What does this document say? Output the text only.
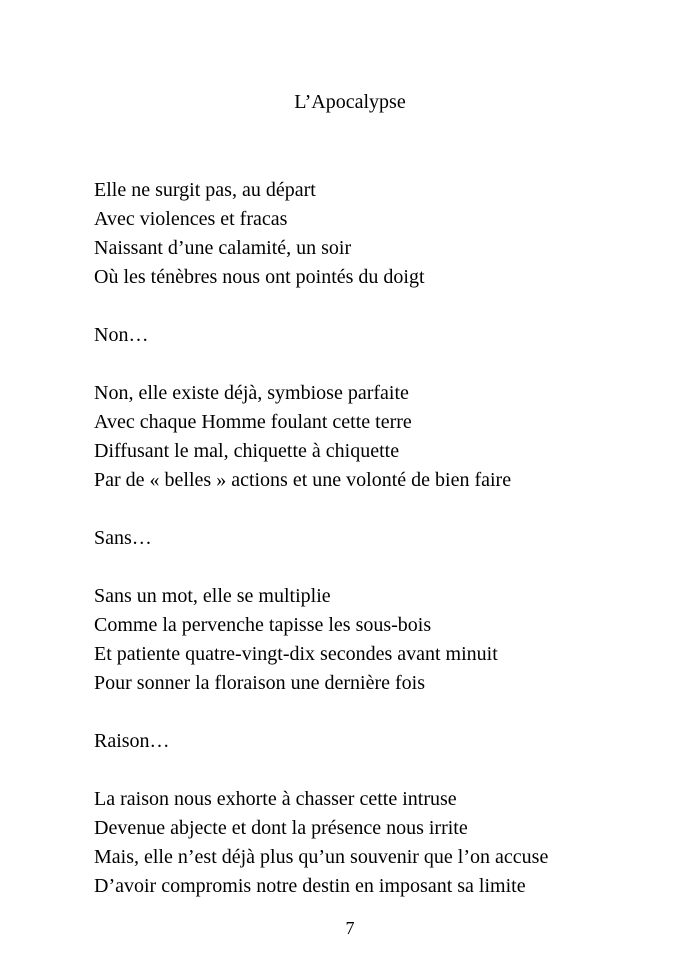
L’Apocalypse
Elle ne surgit pas, au départ
Avec violences et fracas
Naissant d’une calamité, un soir
Où les ténèbres nous ont pointés du doigt
Non…
Non, elle existe déjà, symbiose parfaite
Avec chaque Homme foulant cette terre
Diffusant le mal, chiquette à chiquette
Par de « belles » actions et une volonté de bien faire
Sans…
Sans un mot, elle se multiplie
Comme la pervenche tapisse les sous-bois
Et patiente quatre-vingt-dix secondes avant minuit
Pour sonner la floraison une dernière fois
Raison…
La raison nous exhorte à chasser cette intruse
Devenue abjecte et dont la présence nous irrite
Mais, elle n’est déjà plus qu’un souvenir que l’on accuse
D’avoir compromis notre destin en imposant sa limite
7
